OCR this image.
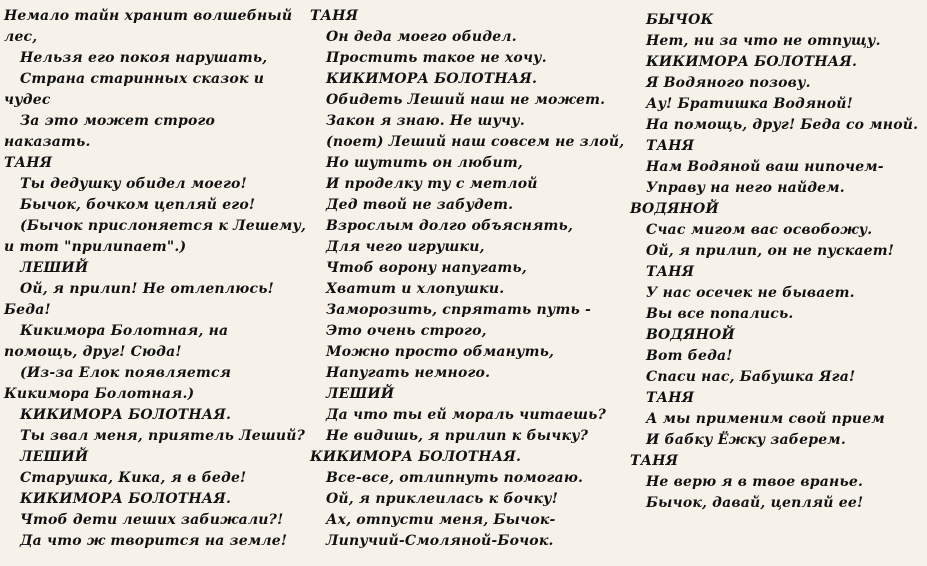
Немало тайн хранит волшебный
лес,
Нельзя его покоя нарушать,
Страна старинных сказок и
чудес
За это может строго
наказать.
ТАНЯ
Ты дедушку обидел моего!
Бычок, бочком цепляй его!
(Бычок прислоняется к Лешему,
и тот "прилипает".)
ЛЕШИЙ
Ой, я прилип! Не отлеплюсь!
Беда!
Кикимора Болотная, на
помощь, друг! Сюда!
(Из-за Елок появляется
Кикимора Болотная.)
КИКИМОРА БОЛОТНАЯ.
Ты звал меня, приятель Леший?
ЛЕШИЙ
Старушка, Кика, я в беде!
КИКИМОРА БОЛОТНАЯ.
Чтоб дети леших забижали?!
Да что ж творится на земле!
ТАНЯ
Он деда моего обидел.
Простить такое не хочу.
КИКИМОРА БОЛОТНАЯ.
Обидеть Леший наш не может.
Закон я знаю. Не шучу.
(поет) Леший наш совсем не злой,
Но шутить он любит,
И проделку ту с метлой
Дед твой не забудет.
Взрослым долго объяснять,
Для чего игрушки,
Чтоб ворону напугать,
Хватит и хлопушки.
Заморозить, спрятать путь -
Это очень строго,
Можно просто обмануть,
Напугать немного.
ЛЕШИЙ
Да что ты ей мораль читаешь?
Не видишь, я прилип к бычку?
КИКИМОРА БОЛОТНАЯ.
Все-все, отлипнуть помогаю.
Ой, я приклеилась к бочку!
Ах, отпусти меня, Бычок-
Липучий-Смоляной-Бочок.
БЫЧОК
Нет, ни за что не отпущу.
КИКИМОРА БОЛОТНАЯ.
Я Водяного позову.
Ау! Братишка Водяной!
На помощь, друг! Беда со мной.
ТАНЯ
Нам Водяной ваш нипочем-
Управу на него найдем.
ВОДЯНОЙ
Счас мигом вас освобожу.
Ой, я прилип, он не пускает!
ТАНЯ
У нас осечек не бывает.
Вы все попались.
ВОДЯНОЙ
Вот беда!
Спаси нас, Бабушка Яга!
ТАНЯ
А мы применим свой прием
И бабку Ёжку заберем.
ТАНЯ
Не верю я в твое вранье.
Бычок, давай, цепляй ее!
